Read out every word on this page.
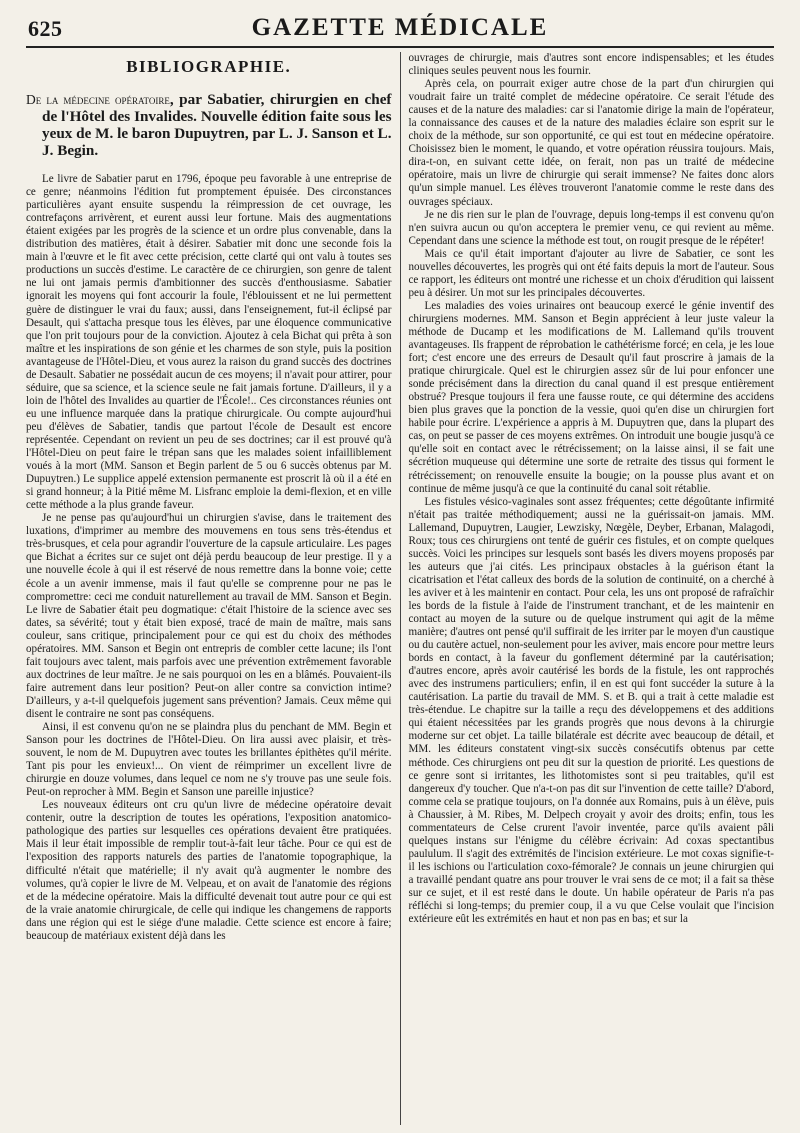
625	GAZETTE MÉDICALE
BIBLIOGRAPHIE.
De la médecine opératoire, par Sabatier, chirurgien en chef de l'Hôtel des Invalides. Nouvelle édition faite sous les yeux de M. le baron Dupuytren, par L. J. Sanson et L. J. Begin.

Le livre de Sabatier parut en 1796, époque peu favorable à une entreprise de ce genre; néanmoins l'édition fut promptement épuisée. Des circonstances particulières ayant ensuite suspendu la réimpression de cet ouvrage, les contrefaçons arrivèrent, et eurent aussi leur fortune. Mais des augmentations étaient exigées par les progrès de la science et un ordre plus convenable, dans la distribution des matières, était à désirer. Sabatier mit donc une seconde fois la main à l'œuvre et le fit avec cette précision, cette clarté qui ont valu à toutes ses productions un succès d'estime. Le caractère de ce chirurgien, son genre de talent ne lui ont jamais permis d'ambitionner des succès d'enthousiasme. Sabatier ignorait les moyens qui font accourir la foule, l'éblouissent et ne lui permettent guère de distinguer le vrai du faux; aussi, dans l'enseignement, fut-il éclipsé par Desault, qui s'attacha presque tous les élèves, par une éloquence communicative que l'on prit toujours pour de la conviction. Ajoutez à cela Bichat qui prêta à son maître et les inspirations de son génie et les charmes de son style, puis la position avantageuse de l'Hôtel-Dieu, et vous aurez la raison du grand succès des doctrines de Desault. Sabatier ne possédait aucun de ces moyens; il n'avait pour attirer, pour séduire, que sa science, et la science seule ne fait jamais fortune. D'ailleurs, il y a loin de l'hôtel des Invalides au quartier de l'École!.. Ces circonstances réunies ont eu une influence marquée dans la pratique chirurgicale. Ou compte aujourd'hui peu d'élèves de Sabatier, tandis que partout l'école de Desault est encore représentée. Cependant on revient un peu de ses doctrines; car il est prouvé qu'à l'Hôtel-Dieu on peut faire le trépan sans que les malades soient infailliblement voués à la mort (MM. Sanson et Begin parlent de 5 ou 6 succès obtenus par M. Dupuytren.) Le supplice appelé extension permanente est proscrit là où il a été en si grand honneur; à la Pitié même M. Lisfranc emploie la demi-flexion, et en ville cette méthode a la plus grande faveur.

Je ne pense pas qu'aujourd'hui un chirurgien s'avise, dans le traitement des luxations, d'imprimer au membre des mouvemens en tous sens très-étendus et très-brusques, et cela pour agrandir l'ouverture de la capsule articulaire. Les pages que Bichat a écrites sur ce sujet ont déjà perdu beaucoup de leur prestige. Il y a une nouvelle école à qui il est réservé de nous remettre dans la bonne voie; cette école a un avenir immense, mais il faut qu'elle se comprenne pour ne pas le compromettre: ceci me conduit naturellement au travail de MM. Sanson et Begin. Le livre de Sabatier était peu dogmatique: c'était l'histoire de la science avec ses dates, sa sévérité; tout y était bien exposé, tracé de main de maître, mais sans couleur, sans critique, principalement pour ce qui est du choix des méthodes opératoires. MM. Sanson et Begin ont entrepris de combler cette lacune; ils l'ont fait toujours avec talent, mais parfois avec une prévention extrêmement favorable aux doctrines de leur maître. Je ne sais pourquoi on les en a blâmés. Pouvaient-ils faire autrement dans leur position? Peut-on aller contre sa conviction intime? D'ailleurs, y a-t-il quelquefois jugement sans prévention? Jamais. Ceux même qui disent le contraire ne sont pas conséquens.

Ainsi, il est convenu qu'on ne se plaindra plus du penchant de MM. Begin et Sanson pour les doctrines de l'Hôtel-Dieu. On lira aussi avec plaisir, et très-souvent, le nom de M. Dupuytren avec toutes les brillantes épithètes qu'il mérite. Tant pis pour les envieux!... On vient de réimprimer un excellent livre de chirurgie en douze volumes, dans lequel ce nom ne s'y trouve pas une seule fois. Peut-on reprocher à MM. Begin et Sanson une pareille injustice?

Les nouveaux éditeurs ont cru qu'un livre de médecine opératoire devait contenir, outre la description de toutes les opérations, l'exposition anatomico-pathologique des parties sur lesquelles ces opérations devaient être pratiquées. Mais il leur était impossible de remplir tout-à-fait leur tâche. Pour ce qui est de l'exposition des rapports naturels des parties de l'anatomie topographique, la difficulté n'était que matérielle; il n'y avait qu'à augmenter le nombre des volumes, qu'à copier le livre de M. Velpeau, et on avait de l'anatomie des régions et de la médecine opératoire. Mais la difficulté devenait tout autre pour ce qui est de la vraie anatomie chirurgicale, de celle qui indique les changemens de rapports dans une région qui est le siége d'une maladie. Cette science est encore à faire; beaucoup de matériaux existent déjà dans les

ouvrages de chirurgie, mais d'autres sont encore indispensables; et les études cliniques seules peuvent nous les fournir.

Après cela, on pourrait exiger autre chose de la part d'un chirurgien qui voudrait faire un traité complet de médecine opératoire. Ce serait l'étude des causes et de la nature des maladies: car si l'anatomie dirige la main de l'opérateur, la connaissance des causes et de la nature des maladies éclaire son esprit sur le choix de la méthode, sur son opportunité, ce qui est tout en médecine opératoire. Choisissez bien le moment, le quando, et votre opération réussira toujours. Mais, dira-t-on, en suivant cette idée, on ferait, non pas un traité de médecine opératoire, mais un livre de chirurgie qui serait immense? Ne faites donc alors qu'un simple manuel. Les élèves trouveront l'anatomie comme le reste dans des ouvrages spéciaux.

Je ne dis rien sur le plan de l'ouvrage, depuis long-temps il est convenu qu'on n'en suivra aucun ou qu'on acceptera le premier venu, ce qui revient au même. Cependant dans une science la méthode est tout, on rougit presque de le répéter!

Mais ce qu'il était important d'ajouter au livre de Sabatier, ce sont les nouvelles découvertes, les progrès qui ont été faits depuis la mort de l'auteur. Sous ce rapport, les éditeurs ont montré une richesse et un choix d'érudition qui laissent peu à désirer. Un mot sur les principales découvertes.

Les maladies des voies urinaires ont beaucoup exercé le génie inventif des chirurgiens modernes. MM. Sanson et Begin apprécient à leur juste valeur la méthode de Ducamp et les modifications de M. Lallemand qu'ils trouvent avantageuses. Ils frappent de réprobation le cathétérisme forcé; en cela, je les loue fort; c'est encore une des erreurs de Desault qu'il faut proscrire à jamais de la pratique chirurgicale. Quel est le chirurgien assez sûr de lui pour enfoncer une sonde précisément dans la direction du canal quand il est presque entièrement obstrué? Presque toujours il fera une fausse route, ce qui détermine des accidens bien plus graves que la ponction de la vessie, quoi qu'en dise un chirurgien fort habile pour écrire. L'expérience a appris à M. Dupuytren que, dans la plupart des cas, on peut se passer de ces moyens extrêmes. On introduit une bougie jusqu'à ce qu'elle soit en contact avec le rétrécissement; on la laisse ainsi, il se fait une sécrétion muqueuse qui détermine une sorte de retraite des tissus qui forment le rétrécissement; on renouvelle ensuite la bougie; on la pousse plus avant et on continue de même jusqu'à ce que la continuité du canal soit rétablie.

Les fistules vésico-vaginales sont assez fréquentes; cette dégoûtante infirmité n'était pas traitée méthodiquement; aussi ne la guérissait-on jamais. MM. Lallemand, Dupuytren, Laugier, Lewzisky, Nœgèle, Deyber, Erbanan, Malagodi, Roux; tous ces chirurgiens ont tenté de guérir ces fistules, et on compte quelques succès. Voici les principes sur lesquels sont basés les divers moyens proposés par les auteurs que j'ai cités. Les principaux obstacles à la guérison étant la cicatrisation et l'état calleux des bords de la solution de continuité, on a cherché à les aviver et à les maintenir en contact. Pour cela, les uns ont proposé de rafraîchir les bords de la fistule à l'aide de l'instrument tranchant, et de les maintenir en contact au moyen de la suture ou de quelque instrument qui agit de la même manière; d'autres ont pensé qu'il suffirait de les irriter par le moyen d'un caustique ou du cautère actuel, non-seulement pour les aviver, mais encore pour mettre leurs bords en contact, à la faveur du gonflement déterminé par la cautérisation; d'autres encore, après avoir cautérisé les bords de la fistule, les ont rapprochés avec des instrumens particuliers; enfin, il en est qui font succéder la suture à la cautérisation. La partie du travail de MM. S. et B. qui a trait à cette maladie est très-étendue. Le chapitre sur la taille a reçu des développemens et des additions qui étaient nécessitées par les grands progrès que nous devons à la chirurgie moderne sur cet objet. La taille bilatérale est décrite avec beaucoup de détail, et MM. les éditeurs constatent vingt-six succès consécutifs obtenus par cette méthode. Ces chirurgiens ont peu dit sur la question de priorité. Les questions de ce genre sont si irritantes, les lithotomistes sont si peu traitables, qu'il est dangereux d'y toucher. Que n'a-t-on pas dit sur l'invention de cette taille? D'abord, comme cela se pratique toujours, on l'a donnée aux Romains, puis à un élève, puis à Chaussier, à M. Ribes, M. Delpech croyait y avoir des droits; enfin, tous les commentateurs de Celse crurent l'avoir inventée, parce qu'ils avaient pâli quelques instans sur l'énigme du célèbre écrivain: Ad coxas spectantibus paululum. Il s'agit des extrémités de l'incision extérieure. Le mot coxas signifie-t-il les ischions ou l'articulation coxo-fémorale? Je connais un jeune chirurgien qui a travaillé pendant quatre ans pour trouver le vrai sens de ce mot; il a fait sa thèse sur ce sujet, et il est resté dans le doute. Un habile opérateur de Paris n'a pas réfléchi si long-temps; du premier coup, il a vu que Celse voulait que l'incision extérieure eût les extrémités en haut et non pas en bas; et sur la
